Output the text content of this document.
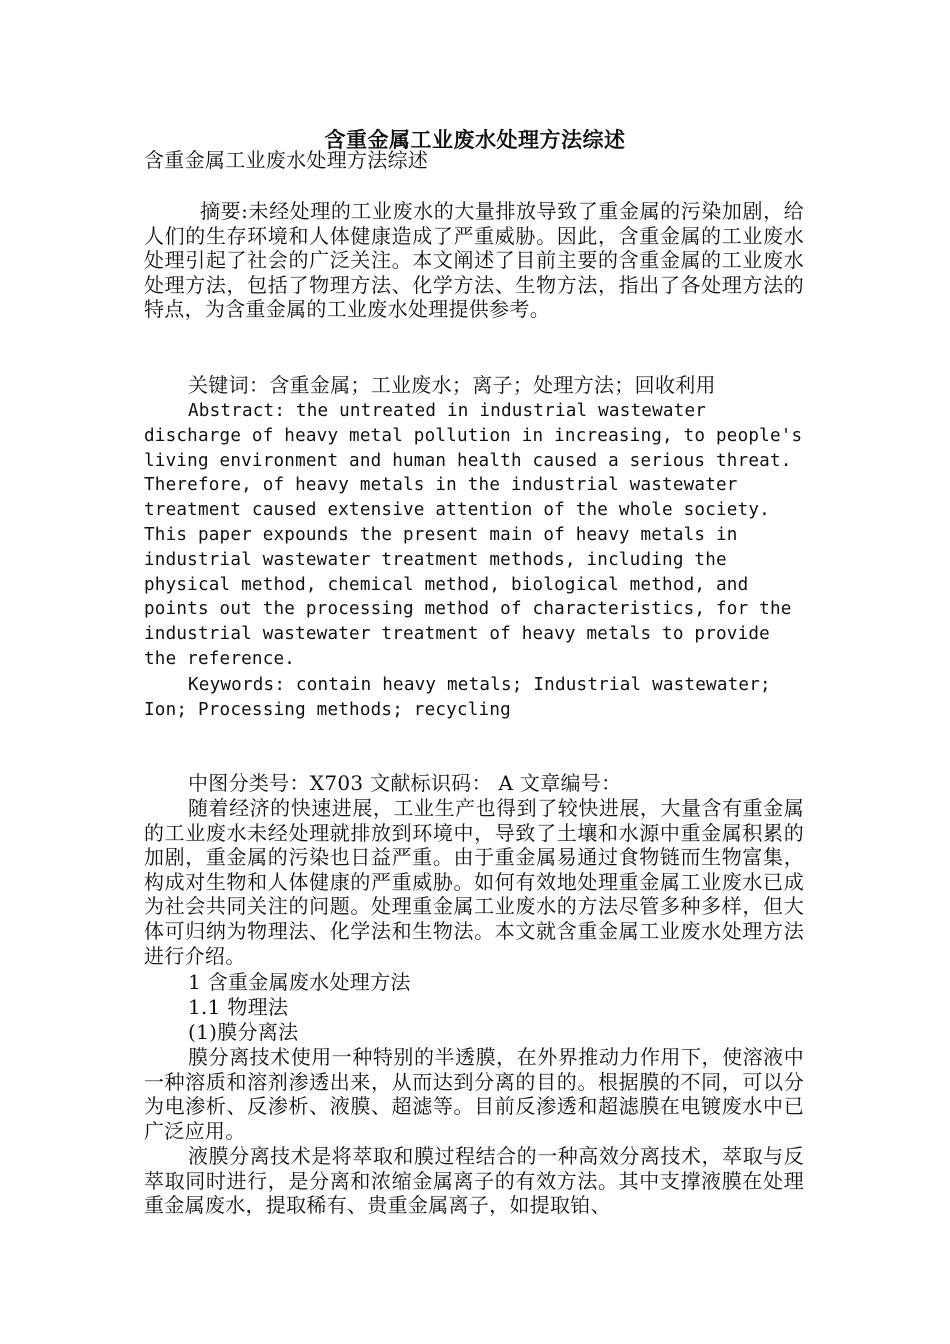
含重金属工业废水处理方法综述

含重金属工业废水处理方法综述

摘要:未经处理的工业废水的大量排放导致了重金属的污染加剧，给人们的生存环境和人体健康造成了严重威胁。因此，含重金属的工业废水处理引起了社会的广泛关注。本文阐述了目前主要的含重金属的工业废水处理方法，包括了物理方法、化学方法、生物方法，指出了各处理方法的特点，为含重金属的工业废水处理提供参考。

关键词：含重金属；工业废水；离子；处理方法；回收利用

Abstract: the untreated in industrial wastewater discharge of heavy metal pollution in increasing, to people's living environment and human health caused a serious threat. Therefore, of heavy metals in the industrial wastewater treatment caused extensive attention of the whole society. This paper expounds the present main of heavy metals in industrial wastewater treatment methods, including the physical method, chemical method, biological method, and points out the processing method of characteristics, for the industrial wastewater treatment of heavy metals to provide the reference.

Keywords: contain heavy metals; Industrial wastewater; Ion; Processing methods; recycling

中图分类号：X703 文献标识码： A 文章编号：

随着经济的快速进展，工业生产也得到了较快进展，大量含有重金属的工业废水未经处理就排放到环境中，导致了土壤和水源中重金属积累的加剧，重金属的污染也日益严重。由于重金属易通过食物链而生物富集，构成对生物和人体健康的严重威胁。如何有效地处理重金属工业废水已成为社会共同关注的问题。处理重金属工业废水的方法尽管多种多样，但大体可归纳为物理法、化学法和生物法。本文就含重金属工业废水处理方法进行介绍。

1 含重金属废水处理方法

1.1 物理法

(1)膜分离法

膜分离技术使用一种特别的半透膜，在外界推动力作用下，使溶液中一种溶质和溶剂渗透出来，从而达到分离的目的。根据膜的不同，可以分为电渗析、反渗析、液膜、超滤等。目前反渗透和超滤膜在电镀废水中已广泛应用。

液膜分离技术是将萃取和膜过程结合的一种高效分离技术，萃取与反萃取同时进行，是分离和浓缩金属离子的有效方法。其中支撑液膜在处理重金属废水，提取稀有、贵重金属离子，如提取铂、
